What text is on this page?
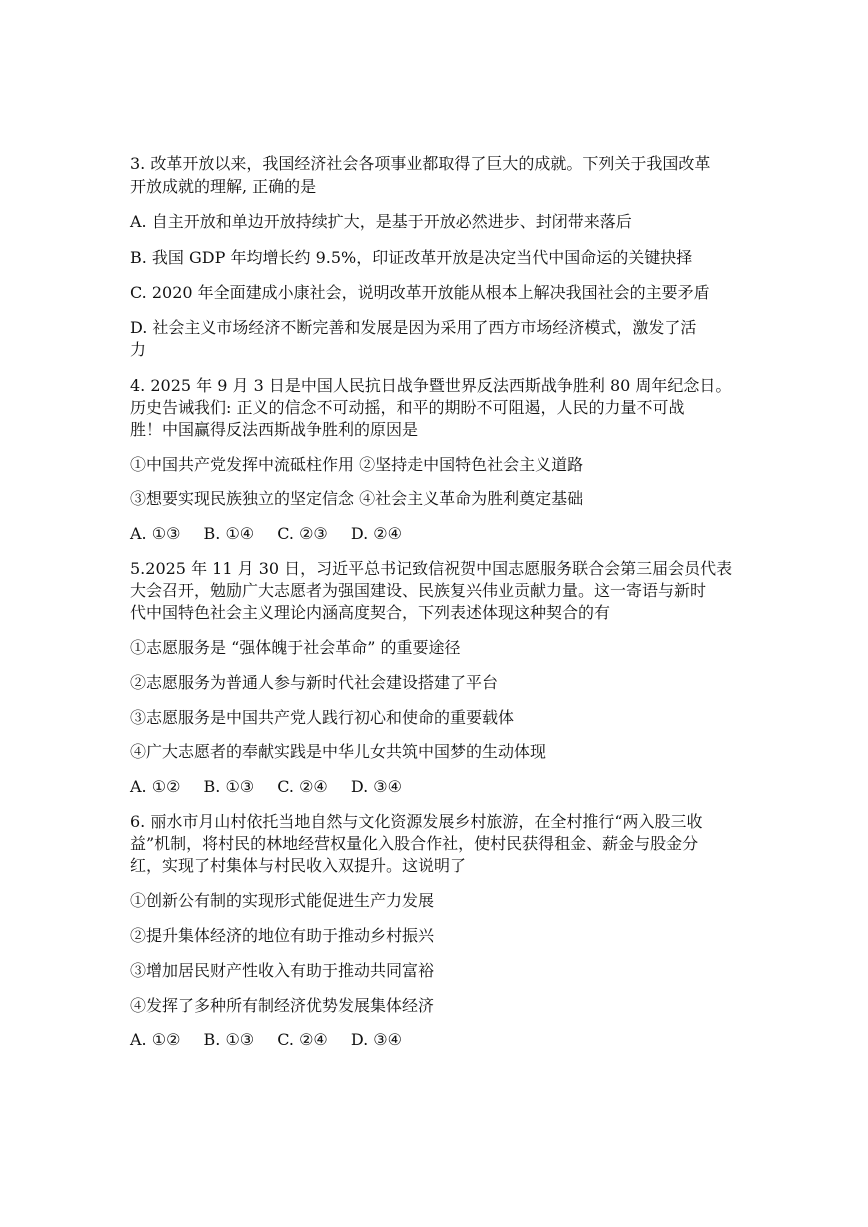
3. 改革开放以来，我国经济社会各项事业都取得了巨大的成就。下列关于我国改革
开放成就的理解, 正确的是
A. 自主开放和单边开放持续扩大，是基于开放必然进步、封闭带来落后
B. 我国 GDP 年均增长约 9.5%，印证改革开放是决定当代中国命运的关键抉择
C. 2020 年全面建成小康社会，说明改革开放能从根本上解决我国社会的主要矛盾
D. 社会主义市场经济不断完善和发展是因为采用了西方市场经济模式，激发了活
力
4. 2025 年 9 月 3 日是中国人民抗日战争暨世界反法西斯战争胜利 80 周年纪念日。
历史告诫我们: 正义的信念不可动摇，和平的期盼不可阻遏，人民的力量不可战
胜！中国赢得反法西斯战争胜利的原因是
①中国共产党发挥中流砥柱作用 ②坚持走中国特色社会主义道路
③想要实现民族独立的坚定信念 ④社会主义革命为胜利奠定基础
A. ①③ B. ①④ C. ②③ D. ②④
5.2025 年 11 月 30 日，习近平总书记致信祝贺中国志愿服务联合会第三届会员代表
大会召开，勉励广大志愿者为强国建设、民族复兴伟业贡献力量。这一寄语与新时
代中国特色社会主义理论内涵高度契合，下列表述体现这种契合的有
①志愿服务是 “强体魄于社会革命” 的重要途径
②志愿服务为普通人参与新时代社会建设搭建了平台
③志愿服务是中国共产党人践行初心和使命的重要载体
④广大志愿者的奉献实践是中华儿女共筑中国梦的生动体现
A. ①② B. ①③ C. ②④ D. ③④
6. 丽水市月山村依托当地自然与文化资源发展乡村旅游，在全村推行“两入股三收
益”机制，将村民的林地经营权量化入股合作社，使村民获得租金、薪金与股金分
红，实现了村集体与村民收入双提升。这说明了
①创新公有制的实现形式能促进生产力发展
②提升集体经济的地位有助于推动乡村振兴
③增加居民财产性收入有助于推动共同富裕
④发挥了多种所有制经济优势发展集体经济
A. ①② B. ①③ C. ②④ D. ③④
